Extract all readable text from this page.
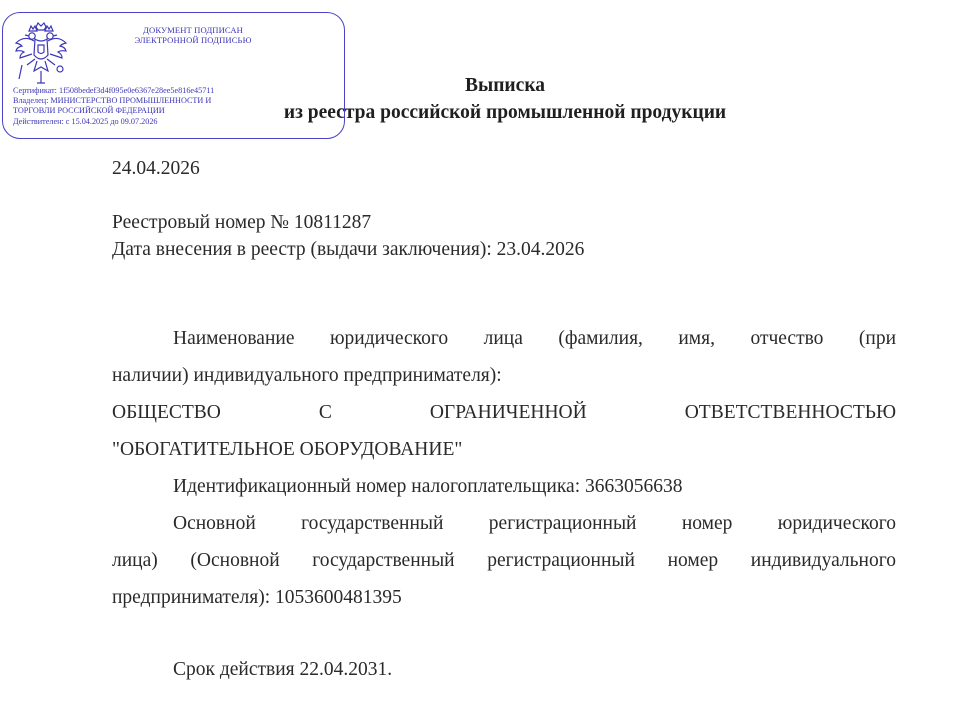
ДОКУМЕНТ ПОДПИСАН
ЭЛЕКТРОННОЙ ПОДПИСЬЮ
Сертификат: 1f508bedef3d4f095e0e6367e28ee5e816e45711
Владелец: МИНИСТЕРСТВО ПРОМЫШЛЕННОСТИ И
ТОРГОВЛИ РОССИЙСКОЙ ФЕДЕРАЦИИ
Действителен: с 15.04.2025 до 09.07.2026
Выписка
из реестра российской промышленной продукции
24.04.2026
Реестровый номер № 10811287
Дата внесения в реестр (выдачи заключения): 23.04.2026
Наименование юридического лица (фамилия, имя, отчество (при
наличии) индивидуального предпринимателя):
ОБЩЕСТВО С ОГРАНИЧЕННОЙ ОТВЕТСТВЕННОСТЬЮ
"ОБОГАТИТЕЛЬНОЕ ОБОРУДОВАНИЕ"
Идентификационный номер налогоплательщика: 3663056638
Основной государственный регистрационный номер юридического
лица) (Основной государственный регистрационный номер индивидуального
предпринимателя): 1053600481395
Срок действия 22.04.2031.
